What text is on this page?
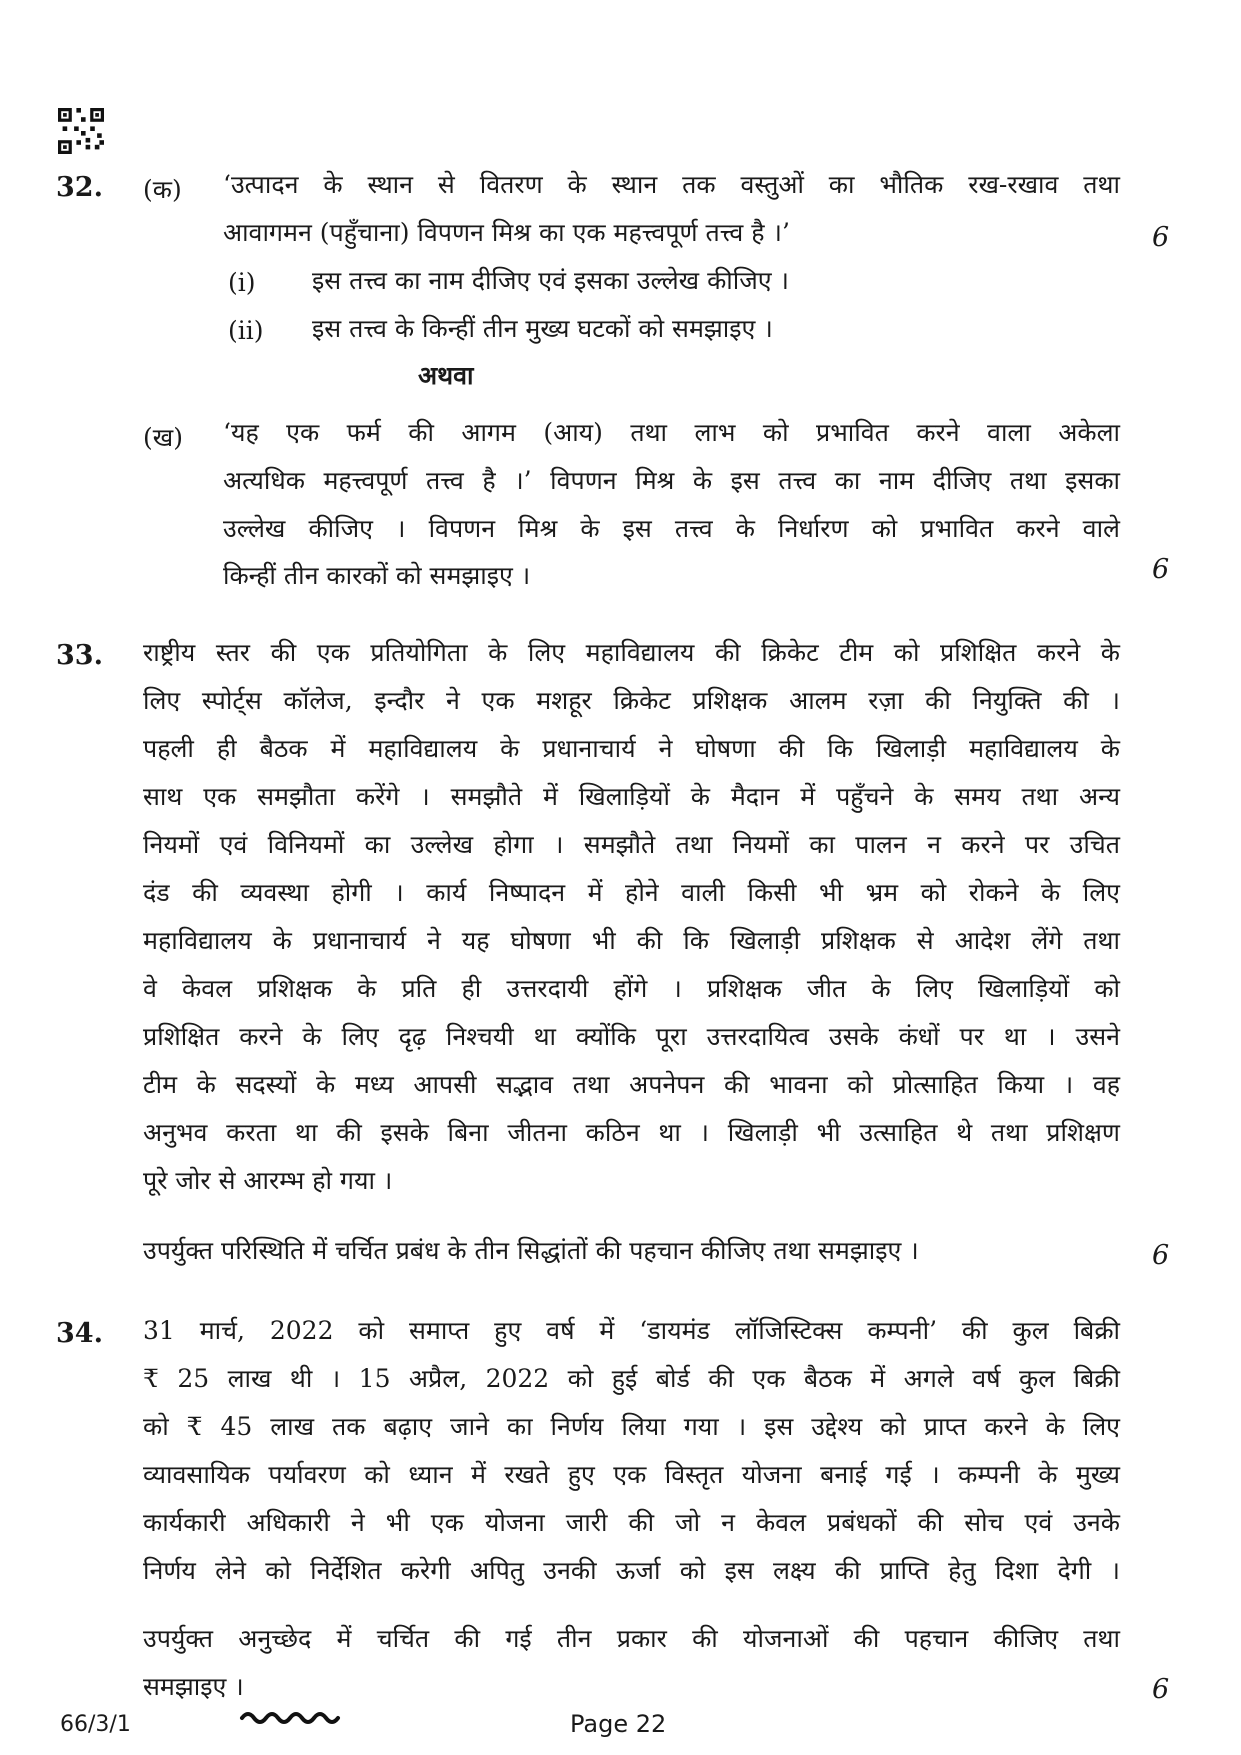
32. (क) ‘उत्पादन के स्थान से वितरण के स्थान तक वस्तुओं का भौतिक रख-रखाव तथा
आवागमन (पहुँचाना) विपणन मिश्र का एक महत्त्वपूर्ण तत्त्व है ।’	6
(i) इस तत्त्व का नाम दीजिए एवं इसका उल्लेख कीजिए ।
(ii) इस तत्त्व के किन्हीं तीन मुख्य घटकों को समझाइए ।
अथवा
(ख) ‘यह एक फर्म की आगम (आय) तथा लाभ को प्रभावित करने वाला अकेला
अत्यधिक महत्त्वपूर्ण तत्त्व है ।’ विपणन मिश्र के इस तत्त्व का नाम दीजिए तथा इसका
उल्लेख कीजिए । विपणन मिश्र के इस तत्त्व के निर्धारण को प्रभावित करने वाले
किन्हीं तीन कारकों को समझाइए ।	6
33. राष्ट्रीय स्तर की एक प्रतियोगिता के लिए महाविद्यालय की क्रिकेट टीम को प्रशिक्षित करने के
लिए स्पोर्ट्स कॉलेज, इन्दौर ने एक मशहूर क्रिकेट प्रशिक्षक आलम रज़ा की नियुक्ति की ।
पहली ही बैठक में महाविद्यालय के प्रधानाचार्य ने घोषणा की कि खिलाड़ी महाविद्यालय के
साथ एक समझौता करेंगे । समझौते में खिलाड़ियों के मैदान में पहुँचने के समय तथा अन्य
नियमों एवं विनियमों का उल्लेख होगा । समझौते तथा नियमों का पालन न करने पर उचित
दंड की व्यवस्था होगी । कार्य निष्पादन में होने वाली किसी भी भ्रम को रोकने के लिए
महाविद्यालय के प्रधानाचार्य ने यह घोषणा भी की कि खिलाड़ी प्रशिक्षक से आदेश लेंगे तथा
वे केवल प्रशिक्षक के प्रति ही उत्तरदायी होंगे । प्रशिक्षक जीत के लिए खिलाड़ियों को
प्रशिक्षित करने के लिए दृढ़ निश्चयी था क्योंकि पूरा उत्तरदायित्व उसके कंधों पर था । उसने
टीम के सदस्यों के मध्य आपसी सद्भाव तथा अपनेपन की भावना को प्रोत्साहित किया । वह
अनुभव करता था की इसके बिना जीतना कठिन था । खिलाड़ी भी उत्साहित थे तथा प्रशिक्षण
पूरे जोर से आरम्भ हो गया ।
उपर्युक्त परिस्थिति में चर्चित प्रबंध के तीन सिद्धांतों की पहचान कीजिए तथा समझाइए ।	6
34. 31 मार्च, 2022 को समाप्त हुए वर्ष में ‘डायमंड लॉजिस्टिक्स कम्पनी’ की कुल बिक्री
₹ 25 लाख थी । 15 अप्रैल, 2022 को हुई बोर्ड की एक बैठक में अगले वर्ष कुल बिक्री
को ₹ 45 लाख तक बढ़ाए जाने का निर्णय लिया गया । इस उद्देश्य को प्राप्त करने के लिए
व्यावसायिक पर्यावरण को ध्यान में रखते हुए एक विस्तृत योजना बनाई गई । कम्पनी के मुख्य
कार्यकारी अधिकारी ने भी एक योजना जारी की जो न केवल प्रबंधकों की सोच एवं उनके
निर्णय लेने को निर्देशित करेगी अपितु उनकी ऊर्जा को इस लक्ष्य की प्राप्ति हेतु दिशा देगी ।
उपर्युक्त अनुच्छेद में चर्चित की गई तीन प्रकार की योजनाओं की पहचान कीजिए तथा
समझाइए ।	6
66/3/1	Page 22
